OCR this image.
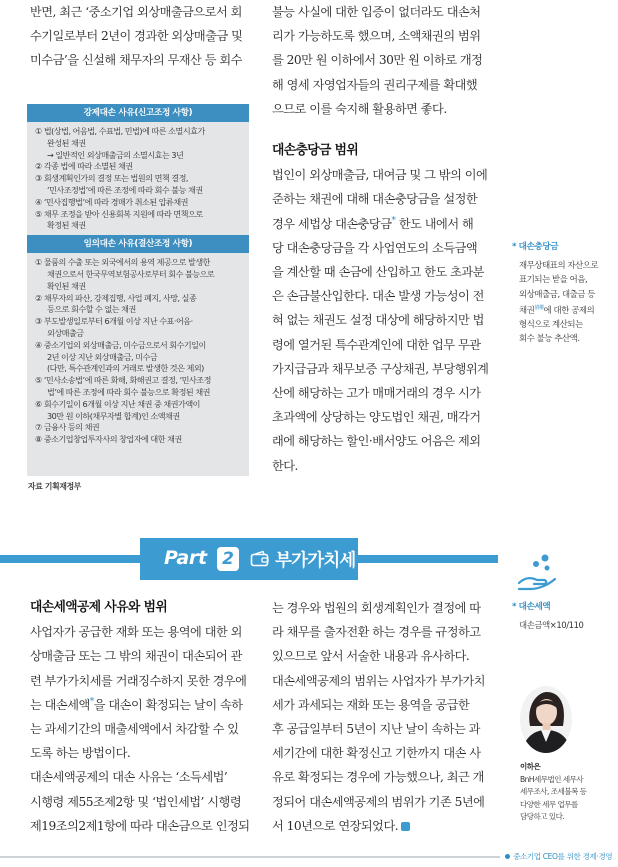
반면, 최근 ‘중소기업 외상매출금으로서 회
수기일로부터 2년이 경과한 외상매출금 및
미수금’을 신설해 채무자의 무재산 등 회수
강제대손 사유(신고조정 사항)
① 법(상법, 어음법, 수표법, 민법)에 따른 소멸시효가
완성된 채권
→ 일반적인 외상매출금의 소멸시효는 3년
② 각종 법에 따라 소멸된 채권
③ 회생계획인가의 결정 또는 법원의 면책 결정,
‘민사조정법’에 따른 조정에 따라 회수 불능 채권
④ ‘민사집행법’에 따라 경매가 취소된 압류채권
⑤ 채무 조정을 받아 신용회복 지원에 따라 면책으로
확정된 채권
임의대손 사유(결산조정 사항)
① 물품의 수출 또는 외국에서의 용역 제공으로 발생한
채권으로서 한국무역보험공사로부터 회수 불능으로
확인된 채권
② 채무자의 파산, 강제집행, 사업 폐지, 사망, 실종
등으로 회수할 수 없는 채권
③ 부도발생일로부터 6개월 이상 지난 수표·어음·
외상매출금
④ 중소기업의 외상매출금, 미수금으로서 회수기일이
2년 이상 지난 외상매출금, 미수금
(다만, 특수관계인과의 거래로 발생한 것은 제외)
⑤ ‘민사소송법’에 따른 화해, 화해권고 결정, ‘민사조정
법’에 따른 조정에 따라 회수 불능으로 확정된 채권
⑥ 회수기일이 6개월 이상 지난 채권 중 채권가액이
30만 원 이하(채무자별 합계)인 소액채권
⑦ 금융사 등의 채권
⑧ 중소기업창업투자사의 창업자에 대한 채권
자료 기획재정부
불능 사실에 대한 입증이 없더라도 대손처
리가 가능하도록 했으며, 소액채권의 범위
를 20만 원 이하에서 30만 원 이하로 개정
해 영세 자영업자들의 권리구제를 확대했
으므로 이를 숙지해 활용하면 좋다.
대손충당금 범위
법인이 외상매출금, 대여금 및 그 밖의 이에
준하는 채권에 대해 대손충당금을 설정한
경우 세법상 대손충당금* 한도 내에서 해
당 대손충당금을 각 사업연도의 소득금액
을 계산할 때 손금에 산입하고 한도 초과분
은 손금불산입한다. 대손 발생 가능성이 전
혀 없는 채권도 설정 대상에 해당하지만 법
령에 열거된 특수관계인에 대한 업무 무관
가지급금과 채무보증 구상채권, 부당행위계
산에 해당하는 고가 매매거래의 경우 시가
초과액에 상당하는 양도법인 채권, 매각거
래에 해당하는 할인·배서양도 어음은 제외
한다.
* 대손충당금
재무상태표의 자산으로
표기되는 받을 어음,
외상매출금, 대출금 등
채권$^{債權}$에 대한 공제의
형식으로 계산되는
회수 불능 추산액.
Part 2 부가가치세
* 대손세액
대손금액×10/110
대손세액공제 사유와 범위
사업자가 공급한 재화 또는 용역에 대한 외
상매출금 또는 그 밖의 채권이 대손되어 관
련 부가가치세를 거래징수하지 못한 경우에
는 대손세액*을 대손이 확정되는 날이 속하
는 과세기간의 매출세액에서 차감할 수 있
도록 하는 방법이다.
대손세액공제의 대손 사유는 ‘소득세법’
시행령 제55조제2항 및 ‘법인세법’ 시행령
제19조의2제1항에 따라 대손금으로 인정되
는 경우와 법원의 회생계획인가 결정에 따
라 채무를 출자전환 하는 경우를 규정하고
있으므로 앞서 서술한 내용과 유사하다.
대손세액공제의 범위는 사업자가 부가가치
세가 과세되는 재화 또는 용역을 공급한
후 공급일부터 5년이 지난 날이 속하는 과
세기간에 대한 확정신고 기한까지 대손 사
유로 확정되는 경우에 가능했으나, 최근 개
정되어 대손세액공제의 범위가 기존 5년에
서 10년으로 연장되었다.
이하은
BnH세무법인 세무사
세무조사, 조세불복 등
다양한 세무 업무를
담당하고 있다.
중소기업 CEO를 위한 경제·경영
